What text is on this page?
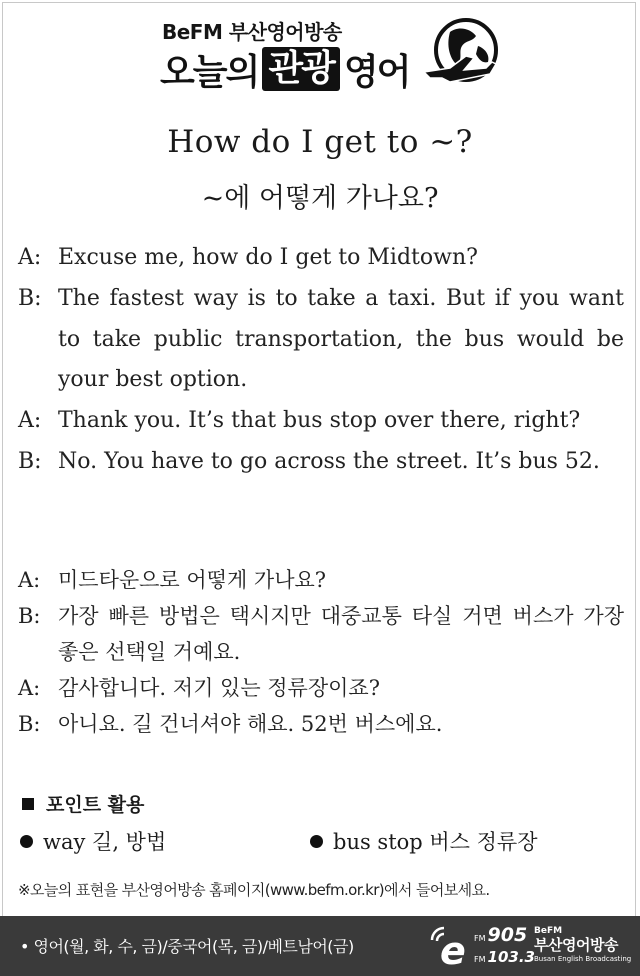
BeFM 부산영어방송
오늘의 관광 영어
How do I get to ~?
~에 어떻게 가나요?
A: Excuse me, how do I get to Midtown?
B: The fastest way is to take a taxi. But if you want to take public transportation, the bus would be your best option.
A: Thank you. It’s that bus stop over there, right?
B: No. You have to go across the street. It’s bus 52.
A: 미드타운으로 어떻게 가나요?
B: 가장 빠른 방법은 택시지만 대중교통 타실 거면 버스가 가장 좋은 선택일 거예요.
A: 감사합니다. 저기 있는 정류장이죠?
B: 아니요. 길 건너셔야 해요. 52번 버스에요.
포인트 활용
way 길, 방법	bus stop 버스 정류장
※오늘의 표현을 부산영어방송 홈페이지(www.befm.or.kr)에서 들어보세요.
• 영어(월, 화, 수, 금)/중국어(목, 금)/베트남어(금) e FM 905
FM 103.3
BeFM
부산영어방송
Busan English Broadcasting
